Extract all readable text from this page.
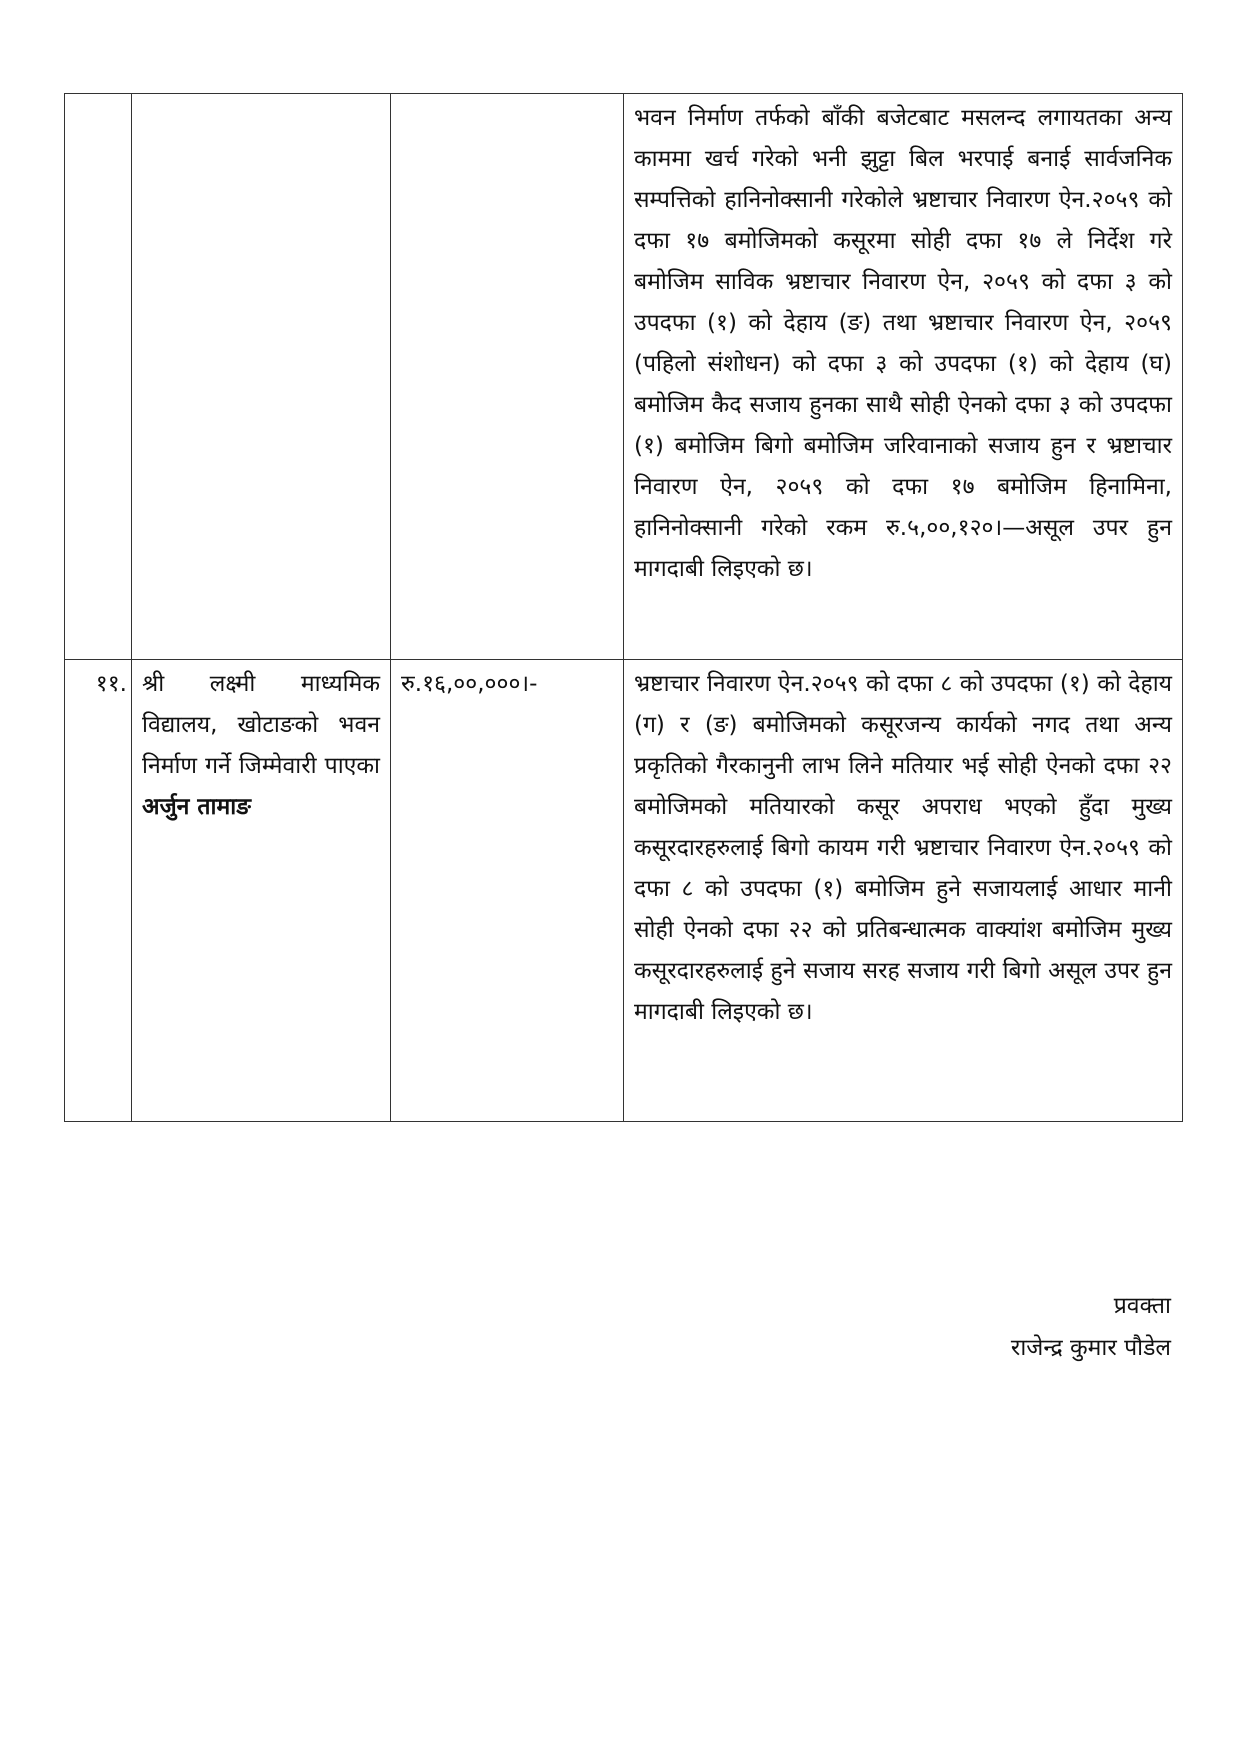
			भवन निर्माण तर्फको बाँकी बजेटबाट मसलन्द लगायतका अन्य काममा खर्च गरेको भनी झुट्टा बिल भरपाई बनाई सार्वजनिक सम्पत्तिको हानिनोक्सानी गरेकोले भ्रष्टाचार निवारण ऐन.२०५९ को दफा १७ बमोजिमको कसूरमा सोही दफा १७ ले निर्देश गरे बमोजिम साविक भ्रष्टाचार निवारण ऐन, २०५९ को दफा ३ को उपदफा (१) को देहाय (ङ) तथा भ्रष्टाचार निवारण ऐन, २०५९ (पहिलो संशोधन) को दफा ३ को उपदफा (१) को देहाय (घ) बमोजिम कैद सजाय हुनका साथै सोही ऐनको दफा ३ को उपदफा (१) बमोजिम बिगो बमोजिम जरिवानाको सजाय हुन र भ्रष्टाचार निवारण ऐन, २०५९ को दफा १७ बमोजिम हिनामिना, हानिनोक्सानी गरेको रकम रु.५,००,१२०।—असूल उपर हुन मागदाबी लिइएको छ।
११.	श्री लक्ष्मी माध्यमिक विद्यालय, खोटाङको भवन निर्माण गर्ने जिम्मेवारी पाएका अर्जुन तामाङ	रु.१६,००,०००।-	भ्रष्टाचार निवारण ऐन.२०५९ को दफा ८ को उपदफा (१) को देहाय (ग) र (ङ) बमोजिमको कसूरजन्य कार्यको नगद तथा अन्य प्रकृतिको गैरकानुनी लाभ लिने मतियार भई सोही ऐनको दफा २२ बमोजिमको मतियारको कसूर अपराध भएको हुँदा मुख्य कसूरदारहरुलाई बिगो कायम गरी भ्रष्टाचार निवारण ऐन.२०५९ को दफा ८ को उपदफा (१) बमोजिम हुने सजायलाई आधार मानी सोही ऐनको दफा २२ को प्रतिबन्धात्मक वाक्यांश बमोजिम मुख्य कसूरदारहरुलाई हुने सजाय सरह सजाय गरी बिगो असूल उपर हुन मागदाबी लिइएको छ।
प्रवक्ता
राजेन्द्र कुमार पौडेल
